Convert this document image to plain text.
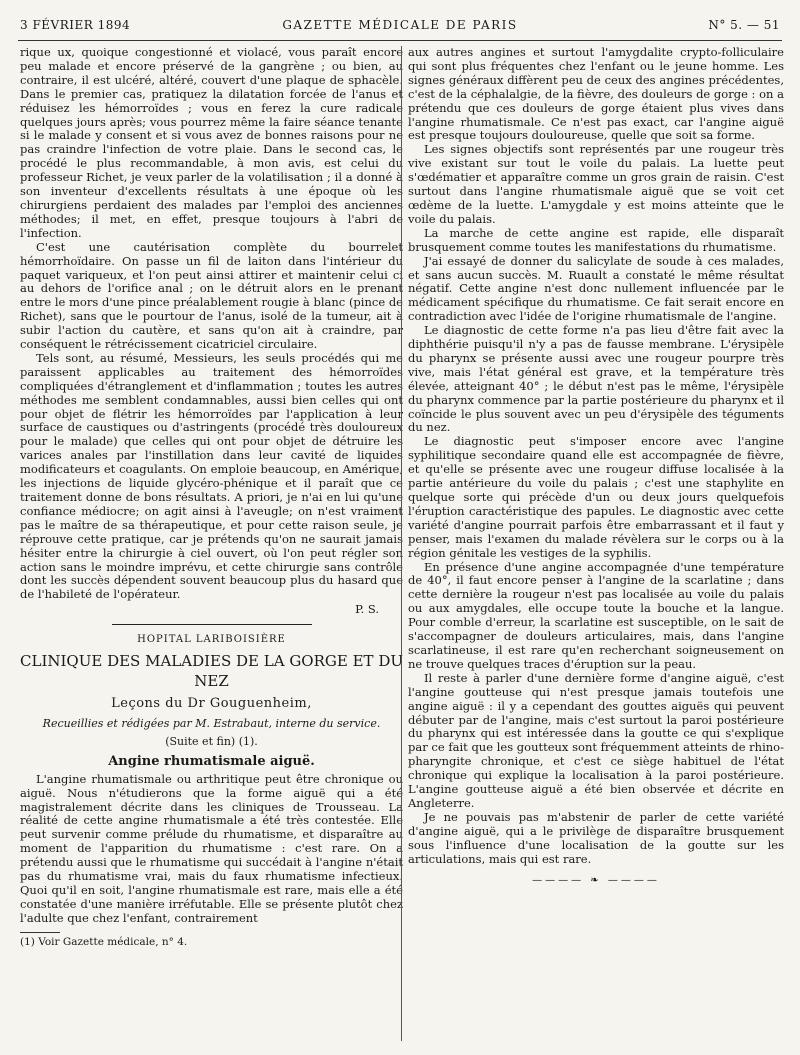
3 FÉVRIER 1894	GAZETTE MÉDICALE DE PARIS	N° 5. — 51

rique ux, quoique congestionné et violacé, vous paraît encore peu malade et encore préservé de la gangrène ; ou bien, au contraire, il est ulcéré, altéré, couvert d'une plaque de sphacèle. Dans le premier cas, pratiquez la dilatation forcée de l'anus et réduisez les hémorroïdes ; vous en ferez la cure radicale quelques jours après; vous pourrez même la faire séance tenante si le malade y consent et si vous avez de bonnes raisons pour ne pas craindre l'infection de votre plaie. Dans le second cas, le procédé le plus recommandable, à mon avis, est celui du professeur Richet, je veux parler de la volatilisation ; il a donné à son inventeur d'excellents résultats à une époque où les chirurgiens perdaient des malades par l'emploi des anciennes méthodes; il met, en effet, presque toujours à l'abri de l'infection.

C'est une cautérisation complète du bourrelet hémorrhoïdaire. On passe un fil de laiton dans l'intérieur du paquet variqueux, et l'on peut ainsi attirer et maintenir celui ci au dehors de l'orifice anal ; on le détruit alors en le prenant entre le mors d'une pince préalablement rougie à blanc (pince de Richet), sans que le pourtour de l'anus, isolé de la tumeur, ait à subir l'action du cautère, et sans qu'on ait à craindre, par conséquent le rétrécissement cicatriciel circulaire.

Tels sont, au résumé, Messieurs, les seuls procédés qui me paraissent applicables au traitement des hémorroïdes compliquées d'étranglement et d'inflammation ; toutes les autres méthodes me semblent condamnables, aussi bien celles qui ont pour objet de flétrir les hémorroïdes par l'application à leur surface de caustiques ou d'astringents (procédé très douloureux pour le malade) que celles qui ont pour objet de détruire les varices anales par l'instillation dans leur cavité de liquides modificateurs et coagulants. On emploie beaucoup, en Amérique, les injections de liquide glycéro-phénique et il paraît que ce traitement donne de bons résultats. A priori, je n'ai en lui qu'une confiance médiocre; on agit ainsi à l'aveugle; on n'est vraiment pas le maître de sa thérapeutique, et pour cette raison seule, je réprouve cette pratique, car je prétends qu'on ne saurait jamais hésiter entre la chirurgie à ciel ouvert, où l'on peut régler son action sans le moindre imprévu, et cette chirurgie sans contrôle dont les succès dépendent souvent beaucoup plus du hasard que de l'habileté de l'opérateur.

P. S.
HOPITAL LARIBOISIÈRE
CLINIQUE DES MALADIES DE LA GORGE ET DU NEZ
Leçons du Dr Gouguenheim,
Recueillies et rédigées par M. Estrabaut, interne du service.
(Suite et fin) (1).
Angine rhumatismale aiguë.

L'angine rhumatismale ou arthritique peut être chronique ou aiguë. Nous n'étudierons que la forme aiguë qui a été magistralement décrite dans les cliniques de Trousseau. La réalité de cette angine rhumatismale a été très contestée. Elle peut survenir comme prélude du rhumatisme, et disparaître au moment de l'apparition du rhumatisme : c'est rare. On a prétendu aussi que le rhumatisme qui succédait à l'angine n'était pas du rhumatisme vrai, mais du faux rhumatisme infectieux. Quoi qu'il en soit, l'angine rhumatismale est rare, mais elle a été constatée d'une manière irréfutable. Elle se présente plutôt chez l'adulte que chez l'enfant, contrairement

(1) Voir Gazette médicale, n° 4.

aux autres angines et surtout l'amygdalite crypto-folliculaire qui sont plus fréquentes chez l'enfant ou le jeune homme. Les signes généraux diffèrent peu de ceux des angines précédentes, c'est de la céphalalgie, de la fièvre, des douleurs de gorge : on a prétendu que ces douleurs de gorge étaient plus vives dans l'angine rhumatismale. Ce n'est pas exact, car l'angine aiguë est presque toujours douloureuse, quelle que soit sa forme.

Les signes objectifs sont représentés par une rougeur très vive existant sur tout le voile du palais. La luette peut s'œdématier et apparaître comme un gros grain de raisin. C'est surtout dans l'angine rhumatismale aiguë que se voit cet œdème de la luette. L'amygdale y est moins atteinte que le voile du palais.

La marche de cette angine est rapide, elle disparaît brusquement comme toutes les manifestations du rhumatisme.

J'ai essayé de donner du salicylate de soude à ces malades, et sans aucun succès. M. Ruault a constaté le même résultat négatif. Cette angine n'est donc nullement influencée par le médicament spécifique du rhumatisme. Ce fait serait encore en contradiction avec l'idée de l'origine rhumatismale de l'angine.

Le diagnostic de cette forme n'a pas lieu d'être fait avec la diphthérie puisqu'il n'y a pas de fausse membrane. L'érysipèle du pharynx se présente aussi avec une rougeur pourpre très vive, mais l'état général est grave, et la température très élevée, atteignant 40° ; le début n'est pas le même, l'érysipèle du pharynx commence par la partie postérieure du pharynx et il coïncide le plus souvent avec un peu d'érysipèle des téguments du nez.

Le diagnostic peut s'imposer encore avec l'angine syphilitique secondaire quand elle est accompagnée de fièvre, et qu'elle se présente avec une rougeur diffuse localisée à la partie antérieure du voile du palais ; c'est une staphylite en quelque sorte qui précède d'un ou deux jours quelquefois l'éruption caractéristique des papules. Le diagnostic avec cette variété d'angine pourrait parfois être embarrassant et il faut y penser, mais l'examen du malade révèlera sur le corps ou à la région génitale les vestiges de la syphilis.

En présence d'une angine accompagnée d'une température de 40°, il faut encore penser à l'angine de la scarlatine ; dans cette dernière la rougeur n'est pas localisée au voile du palais ou aux amygdales, elle occupe toute la bouche et la langue. Pour comble d'erreur, la scarlatine est susceptible, on le sait de s'accompagner de douleurs articulaires, mais, dans l'angine scarlatineuse, il est rare qu'en recherchant soigneusement on ne trouve quelques traces d'éruption sur la peau.

Il reste à parler d'une dernière forme d'angine aiguë, c'est l'angine goutteuse qui n'est presque jamais toutefois une angine aiguë : il y a cependant des gouttes aiguës qui peuvent débuter par de l'angine, mais c'est surtout la paroi postérieure du pharynx qui est intéressée dans la goutte ce qui s'explique par ce fait que les goutteux sont fréquemment atteints de rhino-pharyngite chronique, et c'est ce siège habituel de l'état chronique qui explique la localisation à la paroi postérieure. L'angine goutteuse aiguë a été bien observée et décrite en Angleterre.

Je ne pouvais pas m'abstenir de parler de cette variété d'angine aiguë, qui a le privilège de disparaître brusquement sous l'influence d'une localisation de la goutte sur les articulations, mais qui est rare.

———— ❧ ————
